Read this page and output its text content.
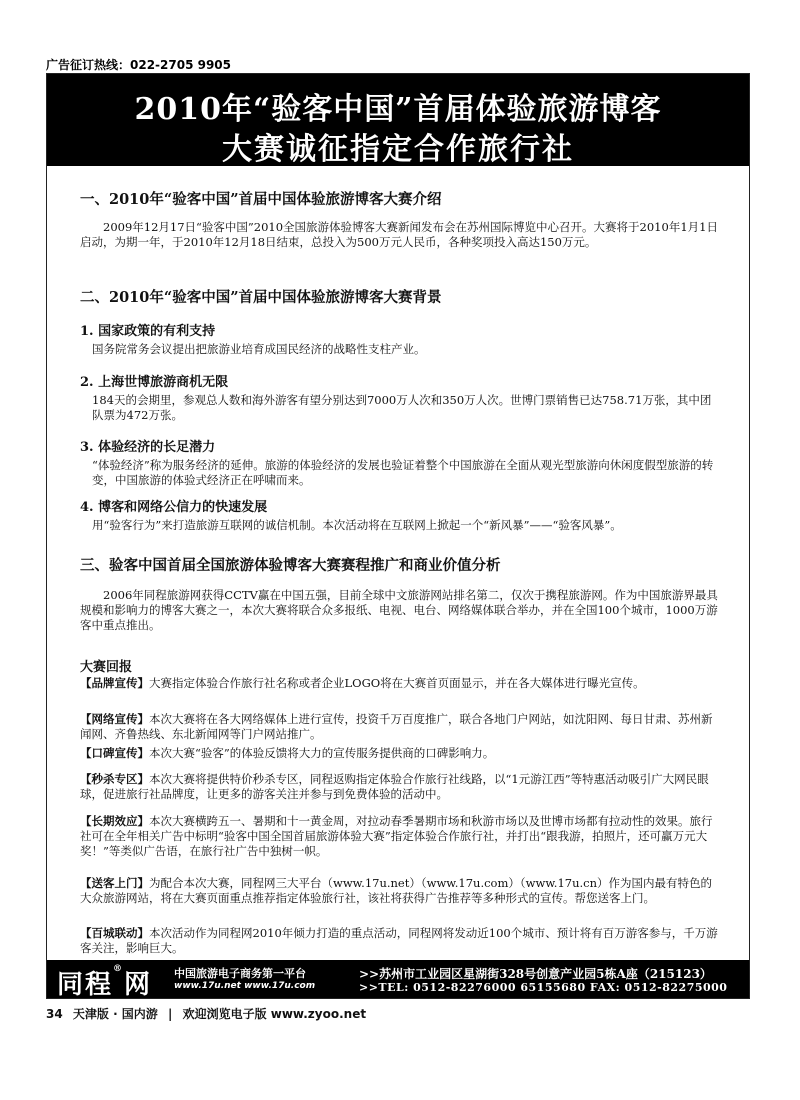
广告征订热线：022-2705 9905
2010年“验客中国”首届体验旅游博客
大赛诚征指定合作旅行社
一、2010年“验客中国”首届中国体验旅游博客大赛介绍

2009年12月17日“验客中国”2010全国旅游体验博客大赛新闻发布会在苏州国际博览中心召开。大赛将于2010年1月1日启动，为期一年，于2010年12月18日结束，总投入为500万元人民币，各种奖项投入高达150万元。

二、2010年“验客中国”首届中国体验旅游博客大赛背景
1. 国家政策的有利支持

国务院常务会议提出把旅游业培育成国民经济的战略性支柱产业。

2. 上海世博旅游商机无限

184天的会期里，参观总人数和海外游客有望分别达到7000万人次和350万人次。世博门票销售已达758.71万张，其中团队票为472万张。

3. 体验经济的长足潜力

“体验经济”称为服务经济的延伸。旅游的体验经济的发展也验证着整个中国旅游在全面从观光型旅游向休闲度假型旅游的转变，中国旅游的体验式经济正在呼啸而来。

4. 博客和网络公信力的快速发展

用“验客行为”来打造旅游互联网的诚信机制。本次活动将在互联网上掀起一个“新风暴”——“验客风暴”。

三、验客中国首届全国旅游体验博客大赛赛程推广和商业价值分析

2006年同程旅游网获得CCTV赢在中国五强，目前全球中文旅游网站排名第二，仅次于携程旅游网。作为中国旅游界最具规模和影响力的博客大赛之一，本次大赛将联合众多报纸、电视、电台、网络媒体联合举办，并在全国100个城市，1000万游客中重点推出。

大赛回报

【品牌宣传】大赛指定体验合作旅行社名称或者企业LOGO将在大赛首页面显示，并在各大媒体进行曝光宣传。

【网络宣传】本次大赛将在各大网络媒体上进行宣传，投资千万百度推广，联合各地门户网站，如沈阳网、每日甘肃、苏州新闻网、齐鲁热线、东北新闻网等门户网站推广。

【口碑宣传】本次大赛“验客”的体验反馈将大力的宣传服务提供商的口碑影响力。

【秒杀专区】本次大赛将提供特价秒杀专区，同程返购指定体验合作旅行社线路，以“1元游江西”等特惠活动吸引广大网民眼球，促进旅行社品牌度，让更多的游客关注并参与到免费体验的活动中。

【长期效应】本次大赛横跨五一、暑期和十一黄金周，对拉动春季暑期市场和秋游市场以及世博市场都有拉动性的效果。旅行社可在全年相关广告中标明“验客中国全国首届旅游体验大赛”指定体验合作旅行社，并打出“跟我游，拍照片，还可赢万元大奖！”等类似广告语，在旅行社广告中独树一帜。

【送客上门】为配合本次大赛，同程网三大平台（www.17u.net）（www.17u.com）（www.17u.cn）作为国内最有特色的大众旅游网站，将在大赛页面重点推荐指定体验旅行社，该社将获得广告推荐等多种形式的宣传。帮您送客上门。

【百城联动】本次活动作为同程网2010年倾力打造的重点活动，同程网将发动近100个城市、预计将有百万游客参与，千万游客关注，影响巨大。

同程®网 中国旅游电子商务第一平台
www.17u.net www.17u.com
>>苏州市工业园区星湖街328号创意产业园5栋A座（215123）
>>TEL: 0512-82276000 65155680 FAX: 0512-82275000
34 天津版 · 国内游 | 欢迎浏览电子版 www.zyoo.net
